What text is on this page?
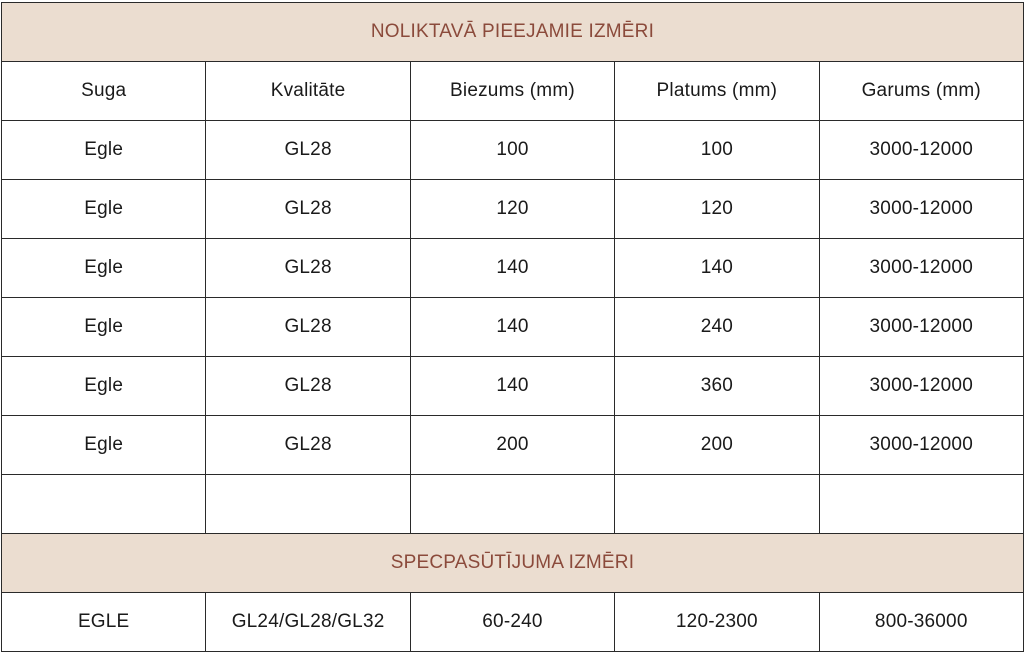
NOLIKTAVĀ PIEEJAMIE IZMĒRI				
Suga	Kvalitāte	Biezums (mm)	Platums (mm)	Garums (mm)
Egle	GL28	100	100	3000-12000
Egle	GL28	120	120	3000-12000
Egle	GL28	140	140	3000-12000
Egle	GL28	140	240	3000-12000
Egle	GL28	140	360	3000-12000
Egle	GL28	200	200	3000-12000

SPECPASŪTĪJUMA IZMĒRI				
EGLE	GL24/GL28/GL32	60-240	120-2300	800-36000
